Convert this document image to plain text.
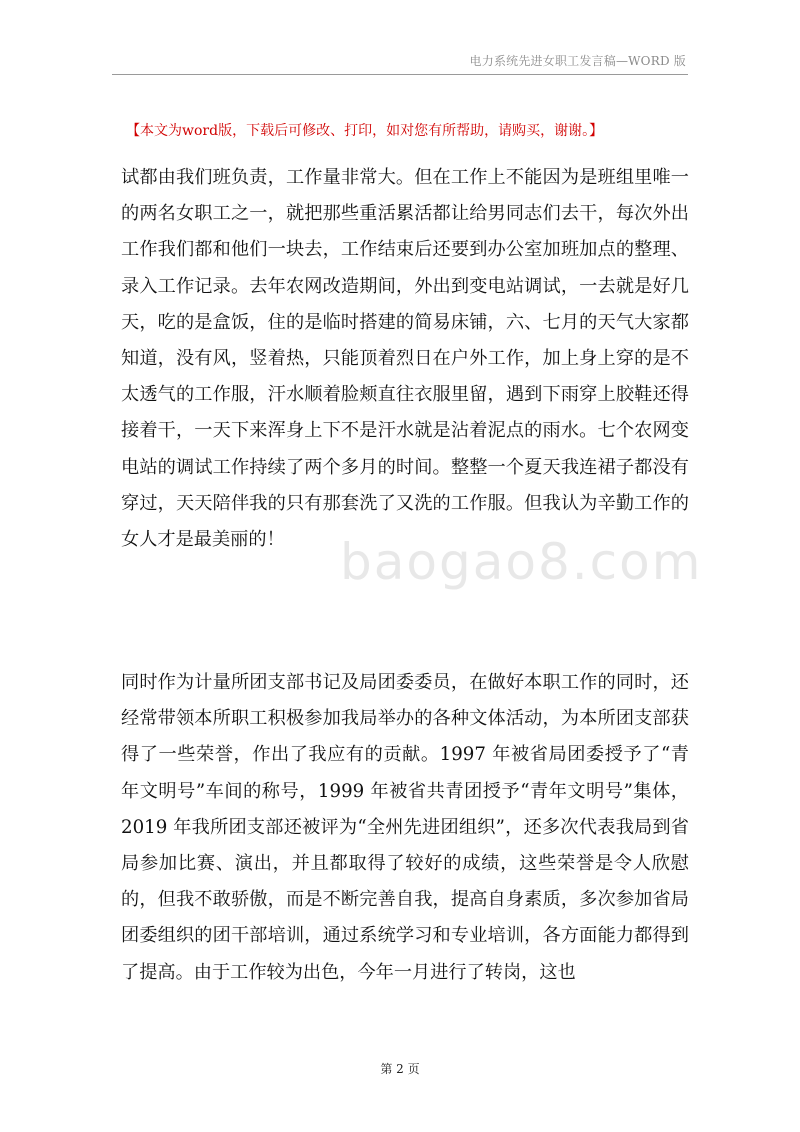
电力系统先进女职工发言稿—WORD 版
【本文为word版，下载后可修改、打印，如对您有所帮助，请购买，谢谢。】

试都由我们班负责，工作量非常大。但在工作上不能因为是班组里唯一的两名女职工之一，就把那些重活累活都让给男同志们去干，每次外出工作我们都和他们一块去，工作结束后还要到办公室加班加点的整理、录入工作记录。去年农网改造期间，外出到变电站调试，一去就是好几天，吃的是盒饭，住的是临时搭建的简易床铺，六、七月的天气大家都知道，没有风，竖着热，只能顶着烈日在户外工作，加上身上穿的是不太透气的工作服，汗水顺着脸颊直往衣服里留，遇到下雨穿上胶鞋还得接着干，一天下来浑身上下不是汗水就是沾着泥点的雨水。七个农网变电站的调试工作持续了两个多月的时间。整整一个夏天我连裙子都没有穿过，天天陪伴我的只有那套洗了又洗的工作服。但我认为辛勤工作的女人才是最美丽的！	baogao8.com

同时作为计量所团支部书记及局团委委员，在做好本职工作的同时，还经常带领本所职工积极参加我局举办的各种文体活动，为本所团支部获得了一些荣誉，作出了我应有的贡献。1997 年被省局团委授予了“青年文明号”车间的称号，1999 年被省共青团授予“青年文明号”集体，2019 年我所团支部还被评为“全州先进团组织”，还多次代表我局到省局参加比赛、演出，并且都取得了较好的成绩，这些荣誉是令人欣慰的，但我不敢骄傲，而是不断完善自我，提高自身素质，多次参加省局团委组织的团干部培训，通过系统学习和专业培训，各方面能力都得到了提高。由于工作较为出色，今年一月进行了转岗，这也

第 2 页
